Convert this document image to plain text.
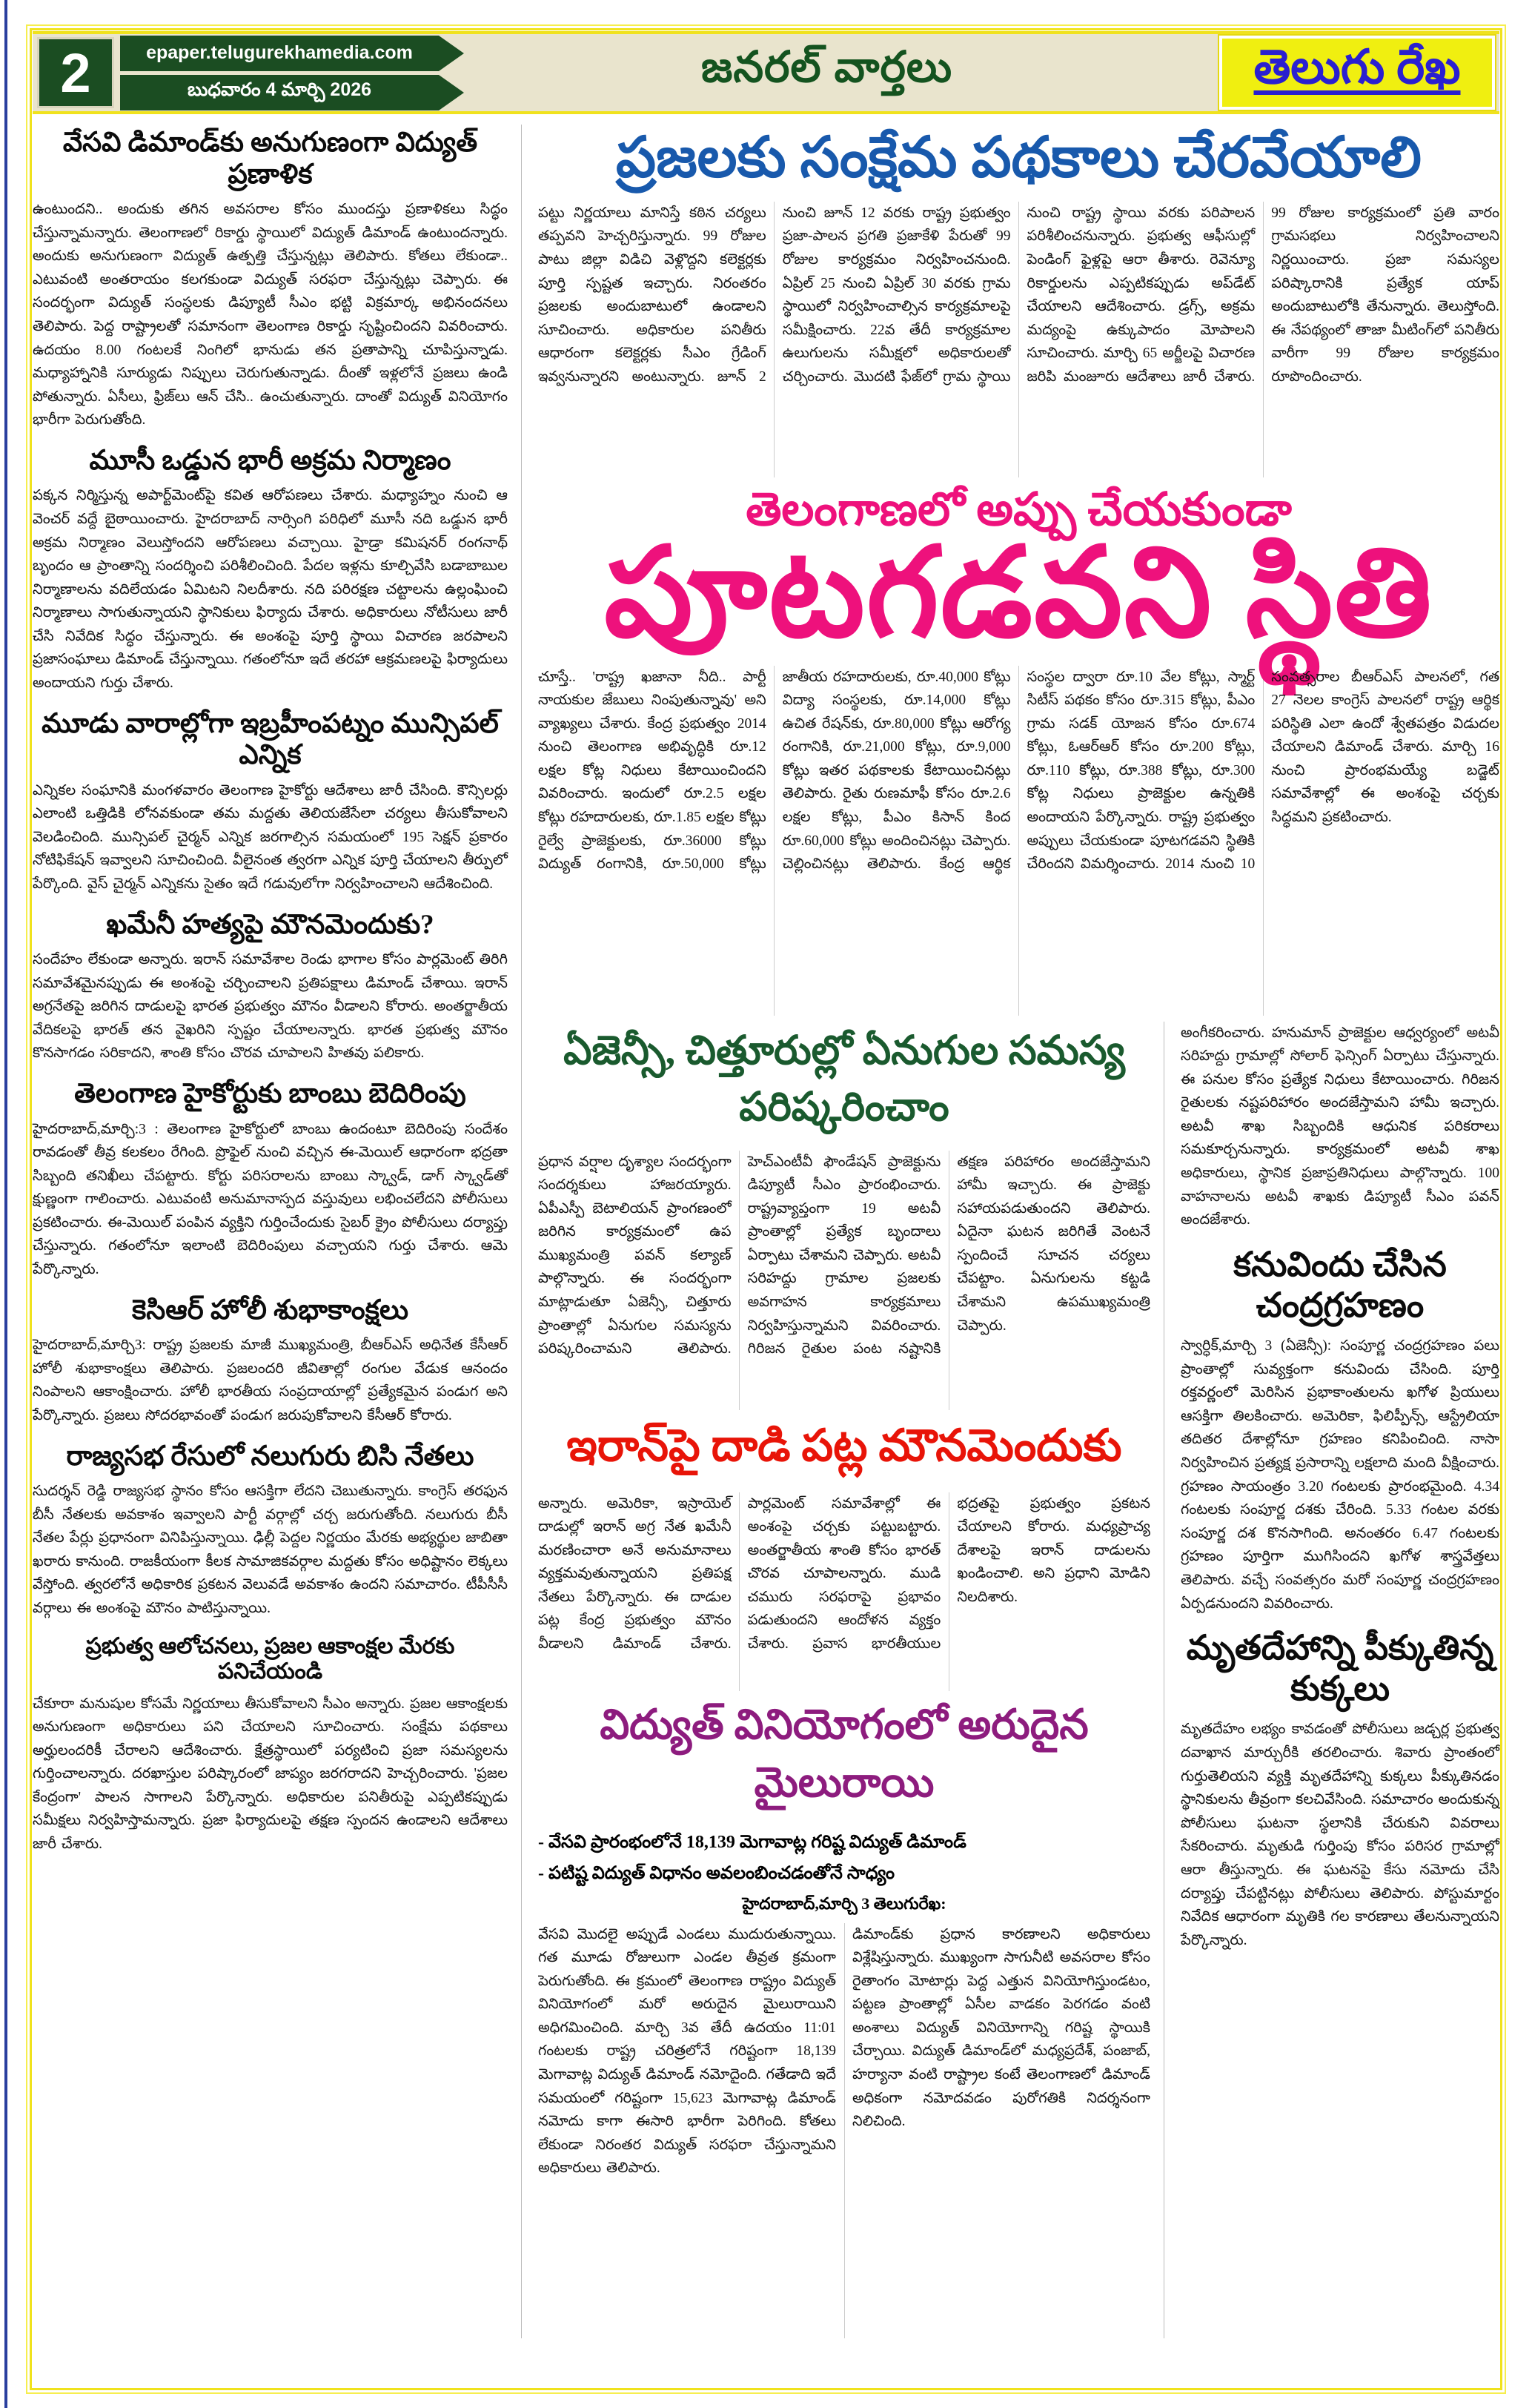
2	epaper.telugurekhamedia.com
బుధవారం 4 మార్చి 2026	జనరల్ వార్తలు	తెలుగు రేఖ
వేసవి డిమాండ్‌కు అనుగుణంగా విద్యుత్ ప్రణాళిక

ఉంటుందని.. అందుకు తగిన అవసరాల కోసం ముందస్తు ప్రణాళికలు సిద్ధం చేస్తున్నామన్నారు. తెలంగాణలో రికార్డు స్థాయిలో విద్యుత్ డిమాండ్ ఉంటుందన్నారు. అందుకు అనుగుణంగా విద్యుత్ ఉత్పత్తి చేస్తున్నట్లు తెలిపారు. కోతలు లేకుండా.. ఎటువంటి అంతరాయం కలగకుండా విద్యుత్ సరఫరా చేస్తున్నట్లు చెప్పారు. ఈ సందర్భంగా విద్యుత్ సంస్థలకు డిప్యూటీ సీఎం భట్టి విక్రమార్క అభినందనలు తెలిపారు. పెద్ద రాష్ట్రాలతో సమానంగా తెలంగాణ రికార్డు సృష్టించిందని వివరించారు. ఉదయం 8.00 గంటలకే నింగిలో భానుడు తన ప్రతాపాన్ని చూపిస్తున్నాడు. మధ్యాహ్నానికి సూర్యుడు నిప్పులు చెరుగుతున్నాడు. దీంతో ఇళ్లలోనే ప్రజలు ఉండి పోతున్నారు. ఏసీలు, ఫ్రిజ్‌లు ఆన్ చేసి.. ఉంచుతున్నారు. దాంతో విద్యుత్ వినియోగం భారీగా పెరుగుతోంది.

మూసీ ఒడ్డున భారీ అక్రమ నిర్మాణం

పక్కన నిర్మిస్తున్న అపార్ట్‌మెంట్‌పై కవిత ఆరోపణలు చేశారు. మధ్యాహ్నం నుంచి ఆ వెంచర్ వద్దే బైఠాయించారు. హైదరాబాద్ నార్సింగి పరిధిలో మూసీ నది ఒడ్డున భారీ అక్రమ నిర్మాణం వెలుస్తోందని ఆరోపణలు వచ్చాయి. హైడ్రా కమిషనర్ రంగనాథ్ బృందం ఆ ప్రాంతాన్ని సందర్శించి పరిశీలించింది. పేదల ఇళ్లను కూల్చివేసి బడాబాబుల నిర్మాణాలను వదిలేయడం ఏమిటని నిలదీశారు. నది పరిరక్షణ చట్టాలను ఉల్లంఘించి నిర్మాణాలు సాగుతున్నాయని స్థానికులు ఫిర్యాదు చేశారు. అధికారులు నోటీసులు జారీ చేసి నివేదిక సిద్ధం చేస్తున్నారు. ఈ అంశంపై పూర్తి స్థాయి విచారణ జరపాలని ప్రజాసంఘాలు డిమాండ్ చేస్తున్నాయి. గతంలోనూ ఇదే తరహా ఆక్రమణలపై ఫిర్యాదులు అందాయని గుర్తు చేశారు.

మూడు వారాల్లోగా ఇబ్రహీంపట్నం మున్సిపల్ ఎన్నిక

ఎన్నికల సంఘానికి మంగళవారం తెలంగాణ హైకోర్టు ఆదేశాలు జారీ చేసింది. కౌన్సిలర్లు ఎలాంటి ఒత్తిడికి లోనవకుండా తమ మద్దతు తెలియజేసేలా చర్యలు తీసుకోవాలని వెలడించింది. మున్సిపల్ చైర్మన్ ఎన్నిక జరగాల్సిన సమయంలో 195 సెక్షన్ ప్రకారం నోటిఫికేషన్ ఇవ్వాలని సూచించింది. వీలైనంత త్వరగా ఎన్నిక పూర్తి చేయాలని తీర్పులో పేర్కొంది. వైస్ చైర్మన్ ఎన్నికను సైతం ఇదే గడువులోగా నిర్వహించాలని ఆదేశించింది.

ఖమేనీ హత్యపై మౌనమెందుకు?

సందేహం లేకుండా అన్నారు. ఇరాన్ సమావేశాల రెండు భాగాల కోసం పార్లమెంట్ తిరిగి సమావేశమైనప్పుడు ఈ అంశంపై చర్చించాలని ప్రతిపక్షాలు డిమాండ్ చేశాయి. ఇరాన్ అగ్రనేతపై జరిగిన దాడులపై భారత ప్రభుత్వం మౌనం వీడాలని కోరారు. అంతర్జాతీయ వేదికలపై భారత్ తన వైఖరిని స్పష్టం చేయాలన్నారు. భారత ప్రభుత్వ మౌనం కొనసాగడం సరికాదని, శాంతి కోసం చొరవ చూపాలని హితవు పలికారు.

తెలంగాణ హైకోర్టుకు బాంబు బెదిరింపు

హైదరాబాద్,మార్చి:3 : తెలంగాణ హైకోర్టులో బాంబు ఉందంటూ బెదిరింపు సందేశం రావడంతో తీవ్ర కలకలం రేగింది. ప్రొఫైల్ నుంచి వచ్చిన ఈ-మెయిల్ ఆధారంగా భద్రతా సిబ్బంది తనిఖీలు చేపట్టారు. కోర్టు పరిసరాలను బాంబు స్క్వాడ్, డాగ్ స్క్వాడ్‌తో క్షుణ్ణంగా గాలించారు. ఎటువంటి అనుమానాస్పద వస్తువులు లభించలేదని పోలీసులు ప్రకటించారు. ఈ-మెయిల్ పంపిన వ్యక్తిని గుర్తించేందుకు సైబర్ క్రైం పోలీసులు దర్యాప్తు చేస్తున్నారు. గతంలోనూ ఇలాంటి బెదిరింపులు వచ్చాయని గుర్తు చేశారు. ఆమె పేర్కొన్నారు.

కెసిఆర్ హోలీ శుభాకాంక్షలు

హైదరాబాద్,మార్చి3: రాష్ట్ర ప్రజలకు మాజీ ముఖ్యమంత్రి, బీఆర్ఎస్ అధినేత కేసీఆర్ హోలీ శుభాకాంక్షలు తెలిపారు. ప్రజలందరి జీవితాల్లో రంగుల వేడుక ఆనందం నింపాలని ఆకాంక్షించారు. హోలీ భారతీయ సంప్రదాయాల్లో ప్రత్యేకమైన పండుగ అని పేర్కొన్నారు. ప్రజలు సోదరభావంతో పండుగ జరుపుకోవాలని కేసీఆర్ కోరారు.

రాజ్యసభ రేసులో నలుగురు బిసి నేతలు

సుదర్శన్ రెడ్డి రాజ్యసభ స్థానం కోసం ఆసక్తిగా లేదని చెబుతున్నారు. కాంగ్రెస్ తరఫున బీసీ నేతలకు అవకాశం ఇవ్వాలని పార్టీ వర్గాల్లో చర్చ జరుగుతోంది. నలుగురు బీసీ నేతల పేర్లు ప్రధానంగా వినిపిస్తున్నాయి. ఢిల్లీ పెద్దల నిర్ణయం మేరకు అభ్యర్థుల జాబితా ఖరారు కానుంది. రాజకీయంగా కీలక సామాజికవర్గాల మద్దతు కోసం అధిష్టానం లెక్కలు వేస్తోంది. త్వరలోనే అధికారిక ప్రకటన వెలువడే అవకాశం ఉందని సమాచారం. టీపీసీసీ వర్గాలు ఈ అంశంపై మౌనం పాటిస్తున్నాయి.

ప్రభుత్వ ఆలోచనలు, ప్రజల ఆకాంక్షల మేరకు పనిచేయండి

చేకూరా మనుషుల కోసమే నిర్ణయాలు తీసుకోవాలని సీఎం అన్నారు. ప్రజల ఆకాంక్షలకు అనుగుణంగా అధికారులు పని చేయాలని సూచించారు. సంక్షేమ పథకాలు అర్హులందరికీ చేరాలని ఆదేశించారు. క్షేత్రస్థాయిలో పర్యటించి ప్రజా సమస్యలను గుర్తించాలన్నారు. దరఖాస్తుల పరిష్కారంలో జాప్యం జరగరాదని హెచ్చరించారు. 'ప్రజల కేంద్రంగా' పాలన సాగాలని పేర్కొన్నారు. అధికారుల పనితీరుపై ఎప్పటికప్పుడు సమీక్షలు నిర్వహిస్తామన్నారు. ప్రజా ఫిర్యాదులపై తక్షణ స్పందన ఉండాలని ఆదేశాలు జారీ చేశారు.

ప్రజలకు సంక్షేమ పథకాలు చేరవేయాలి

పట్టు నిర్ణయాలు మానిస్తే కఠిన చర్యలు తప్పవని హెచ్చరిస్తున్నారు. 99 రోజుల పాటు జిల్లా విడిచి వెళ్లొద్దని కలెక్టర్లకు పూర్తి స్పష్టత ఇచ్చారు. నిరంతరం ప్రజలకు అందుబాటులో ఉండాలని సూచించారు. అధికారుల పనితీరు ఆధారంగా కలెక్టర్లకు సీఎం గ్రేడింగ్ ఇవ్వనున్నారని అంటున్నారు. జూన్ 2 నుంచి జూన్ 12 వరకు రాష్ట్ర ప్రభుత్వం ప్రజా-పాలన ప్రగతి ప్రజాకేళి పేరుతో 99 రోజుల కార్యక్రమం నిర్వహించనుంది. ఏప్రిల్ 25 నుంచి ఏప్రిల్ 30 వరకు గ్రామ స్థాయిలో నిర్వహించాల్సిన కార్యక్రమాలపై సమీక్షించారు. 22వ తేదీ కార్యక్రమాల ఉలుగులను సమీక్షలో అధికారులతో చర్చించారు. మొదటి ఫేజ్‌లో గ్రామ స్థాయి నుంచి రాష్ట్ర స్థాయి వరకు పరిపాలన పరిశీలించనున్నారు. ప్రభుత్వ ఆఫీసుల్లో పెండింగ్ ఫైళ్లపై ఆరా తీశారు. రెవెన్యూ రికార్డులను ఎప్పటికప్పుడు అప్‌డేట్ చేయాలని ఆదేశించారు. డ్రగ్స్, అక్రమ మద్యంపై ఉక్కుపాదం మోపాలని సూచించారు. మార్చి 65 అర్జీలపై విచారణ జరిపి మంజూరు ఆదేశాలు జారీ చేశారు. 99 రోజుల కార్యక్రమంలో ప్రతి వారం గ్రామసభలు నిర్వహించాలని నిర్ణయించారు. ప్రజా సమస్యల పరిష్కారానికి ప్రత్యేక యాప్ అందుబాటులోకి తేనున్నారు. తెలుస్తోంది. ఈ నేపథ్యంలో తాజా మీటింగ్‌లో పనితీరు వారీగా 99 రోజుల కార్యక్రమం రూపొందించారు.

తెలంగాణలో అప్పు చేయకుండా
పూటగడవని స్థితి

చూస్తే.. 'రాష్ట్ర ఖజానా నీది.. పార్టీ నాయకుల జేబులు నింపుతున్నావు' అని వ్యాఖ్యలు చేశారు. కేంద్ర ప్రభుత్వం 2014 నుంచి తెలంగాణ అభివృద్ధికి రూ.12 లక్షల కోట్ల నిధులు కేటాయించిందని వివరించారు. ఇందులో రూ.2.5 లక్షల కోట్లు రహదారులకు, రూ.1.85 లక్షల కోట్లు రైల్వే ప్రాజెక్టులకు, రూ.36000 కోట్లు విద్యుత్ రంగానికి, రూ.50,000 కోట్లు జాతీయ రహదారులకు, రూ.40,000 కోట్లు విద్యా సంస్థలకు, రూ.14,000 కోట్లు ఉచిత రేషన్‌కు, రూ.80,000 కోట్లు ఆరోగ్య రంగానికి, రూ.21,000 కోట్లు, రూ.9,000 కోట్లు ఇతర పథకాలకు కేటాయించినట్లు తెలిపారు. రైతు రుణమాఫీ కోసం రూ.2.6 లక్షల కోట్లు, పీఎం కిసాన్ కింద రూ.60,000 కోట్లు అందించినట్లు చెప్పారు. చెల్లించినట్లు తెలిపారు. కేంద్ర ఆర్థిక సంస్థల ద్వారా రూ.10 వేల కోట్లు, స్మార్ట్ సిటీస్ పథకం కోసం రూ.315 కోట్లు, పీఎం గ్రామ సడక్ యోజన కోసం రూ.674 కోట్లు, ఓఆర్ఆర్ కోసం రూ.200 కోట్లు, రూ.110 కోట్లు, రూ.388 కోట్లు, రూ.300 కోట్ల నిధులు ప్రాజెక్టుల ఉన్నతికి అందాయని పేర్కొన్నారు. రాష్ట్ర ప్రభుత్వం అప్పులు చేయకుండా పూటగడవని స్థితికి చేరిందని విమర్శించారు. 2014 నుంచి 10 సంవత్సరాల బీఆర్ఎస్ పాలనలో, గత 27 నెలల కాంగ్రెస్ పాలనలో రాష్ట్ర ఆర్థిక పరిస్థితి ఎలా ఉందో శ్వేతపత్రం విడుదల చేయాలని డిమాండ్ చేశారు. మార్చి 16 నుంచి ప్రారంభమయ్యే బడ్జెట్ సమావేశాల్లో ఈ అంశంపై చర్చకు సిద్ధమని ప్రకటించారు.

ఏజెన్సీ, చిత్తూరుల్లో ఏనుగుల సమస్య పరిష్కరించాం

ప్రధాన వర్షాల దృశ్యాల సందర్భంగా సందర్శకులు హాజరయ్యారు. ఏపీఎస్పీ బెటాలియన్ ప్రాంగణంలో జరిగిన కార్యక్రమంలో ఉప ముఖ్యమంత్రి పవన్ కల్యాణ్ పాల్గొన్నారు. ఈ సందర్భంగా మాట్లాడుతూ ఏజెన్సీ, చిత్తూరు ప్రాంతాల్లో ఏనుగుల సమస్యను పరిష్కరించామని తెలిపారు. హెచ్ఎంటీవీ ఫౌండేషన్ ప్రాజెక్టును డిప్యూటీ సీఎం ప్రారంభించారు. రాష్ట్రవ్యాప్తంగా 19 అటవీ ప్రాంతాల్లో ప్రత్యేక బృందాలు ఏర్పాటు చేశామని చెప్పారు. అటవీ సరిహద్దు గ్రామాల ప్రజలకు అవగాహన కార్యక్రమాలు నిర్వహిస్తున్నామని వివరించారు. గిరిజన రైతుల పంట నష్టానికి తక్షణ పరిహారం అందజేస్తామని హామీ ఇచ్చారు. ఈ ప్రాజెక్టు సహాయపడుతుందని తెలిపారు. ఏదైనా ఘటన జరిగితే వెంటనే స్పందించే సూచన చర్యలు చేపట్టాం. ఏనుగులను కట్టడి చేశామని ఉపముఖ్యమంత్రి చెప్పారు.

ఇరాన్‌పై దాడి పట్ల మౌనమెందుకు

అన్నారు. అమెరికా, ఇస్రాయెల్ దాడుల్లో ఇరాన్ అగ్ర నేత ఖమేనీ మరణించారా అనే అనుమానాలు వ్యక్తమవుతున్నాయని ప్రతిపక్ష నేతలు పేర్కొన్నారు. ఈ దాడుల పట్ల కేంద్ర ప్రభుత్వం మౌనం వీడాలని డిమాండ్ చేశారు. పార్లమెంట్ సమావేశాల్లో ఈ అంశంపై చర్చకు పట్టుబట్టారు. అంతర్జాతీయ శాంతి కోసం భారత్ చొరవ చూపాలన్నారు. ముడి చమురు సరఫరాపై ప్రభావం పడుతుందని ఆందోళన వ్యక్తం చేశారు. ప్రవాస భారతీయుల భద్రతపై ప్రభుత్వం ప్రకటన చేయాలని కోరారు. మధ్యప్రాచ్య దేశాలపై ఇరాన్ దాడులను ఖండించాలి. అని ప్రధాని మోడిని నిలదిశారు.

విద్యుత్ వినియోగంలో అరుదైన మైలురాయి
- వేసవి ప్రారంభంలోనే 18,139 మెగావాట్ల గరిష్ట విద్యుత్ డిమాండ్
- పటిష్ట విద్యుత్ విధానం అవలంబించడంతోనే సాధ్యం
హైదరాబాద్,మార్చి 3 తెలుగురేఖ:

వేసవి మొదలై అప్పుడే ఎండలు ముదురుతున్నాయి. గత మూడు రోజులుగా ఎండల తీవ్రత క్రమంగా పెరుగుతోంది. ఈ క్రమంలో తెలంగాణ రాష్ట్రం విద్యుత్ వినియోగంలో మరో అరుదైన మైలురాయిని అధిగమించింది. మార్చి 3వ తేదీ ఉదయం 11:01 గంటలకు రాష్ట్ర చరిత్రలోనే గరిష్టంగా 18,139 మెగావాట్ల విద్యుత్ డిమాండ్ నమోదైంది. గతేడాది ఇదే సమయంలో గరిష్టంగా 15,623 మెగావాట్ల డిమాండ్ నమోదు కాగా ఈసారి భారీగా పెరిగింది. కోతలు లేకుండా నిరంతర విద్యుత్ సరఫరా చేస్తున్నామని అధికారులు తెలిపారు.

డిమాండ్‌కు ప్రధాన కారణాలని అధికారులు విశ్లేషిస్తున్నారు. ముఖ్యంగా సాగునీటి అవసరాల కోసం రైతాంగం మోటార్లు పెద్ద ఎత్తున వినియోగిస్తుండటం, పట్టణ ప్రాంతాల్లో ఏసీల వాడకం పెరగడం వంటి అంశాలు విద్యుత్ వినియోగాన్ని గరిష్ట స్థాయికి చేర్చాయి. విద్యుత్ డిమాండ్‌లో మధ్యప్రదేశ్, పంజాబ్, హర్యానా వంటి రాష్ట్రాల కంటే తెలంగాణలో డిమాండ్ అధికంగా నమోదవడం పురోగతికి నిదర్శనంగా నిలిచింది.

అంగీకరించారు. హనుమాన్ ప్రాజెక్టుల ఆధ్వర్యంలో అటవీ సరిహద్దు గ్రామాల్లో సోలార్ ఫెన్సింగ్ ఏర్పాటు చేస్తున్నారు. ఈ పనుల కోసం ప్రత్యేక నిధులు కేటాయించారు. గిరిజన రైతులకు నష్టపరిహారం అందజేస్తామని హామీ ఇచ్చారు. అటవీ శాఖ సిబ్బందికి ఆధునిక పరికరాలు సమకూర్చనున్నారు. కార్యక్రమంలో అటవీ శాఖ అధికారులు, స్థానిక ప్రజాప్రతినిధులు పాల్గొన్నారు. 100 వాహనాలను అటవీ శాఖకు డిప్యూటీ సీఎం పవన్ అందజేశారు.

కనువిందు చేసిన చంద్రగ్రహణం

స్వార్ధిక్,మార్చి 3 (ఏజెన్సీ): సంపూర్ణ చంద్రగ్రహణం పలు ప్రాంతాల్లో సువ్యక్తంగా కనువిందు చేసింది. పూర్తి రక్తవర్ణంలో మెరిసిన ప్రభాకాంతులను ఖగోళ ప్రియులు ఆసక్తిగా తిలకించారు. అమెరికా, ఫిలిప్పీన్స్, ఆస్ట్రేలియా తదితర దేశాల్లోనూ గ్రహణం కనిపించింది. నాసా నిర్వహించిన ప్రత్యక్ష ప్రసారాన్ని లక్షలాది మంది వీక్షించారు. గ్రహణం సాయంత్రం 3.20 గంటలకు ప్రారంభమైంది. 4.34 గంటలకు సంపూర్ణ దశకు చేరింది. 5.33 గంటల వరకు సంపూర్ణ దశ కొనసాగింది. అనంతరం 6.47 గంటలకు గ్రహణం పూర్తిగా ముగిసిందని ఖగోళ శాస్త్రవేత్తలు తెలిపారు. వచ్చే సంవత్సరం మరో సంపూర్ణ చంద్రగ్రహణం ఏర్పడనుందని వివరించారు.

మృతదేహాన్ని పీక్కుతిన్న కుక్కలు

మృతదేహం లభ్యం కావడంతో పోలీసులు జడ్చర్ల ప్రభుత్వ దవాఖాన మార్చురీకి తరలించారు. శివారు ప్రాంతంలో గుర్తుతెలియని వ్యక్తి మృతదేహాన్ని కుక్కలు పీక్కుతినడం స్థానికులను తీవ్రంగా కలచివేసింది. సమాచారం అందుకున్న పోలీసులు ఘటనా స్థలానికి చేరుకుని వివరాలు సేకరించారు. మృతుడి గుర్తింపు కోసం పరిసర గ్రామాల్లో ఆరా తీస్తున్నారు. ఈ ఘటనపై కేసు నమోదు చేసి దర్యాప్తు చేపట్టినట్లు పోలీసులు తెలిపారు. పోస్టుమార్టం నివేదిక ఆధారంగా మృతికి గల కారణాలు తేలనున్నాయని పేర్కొన్నారు.
